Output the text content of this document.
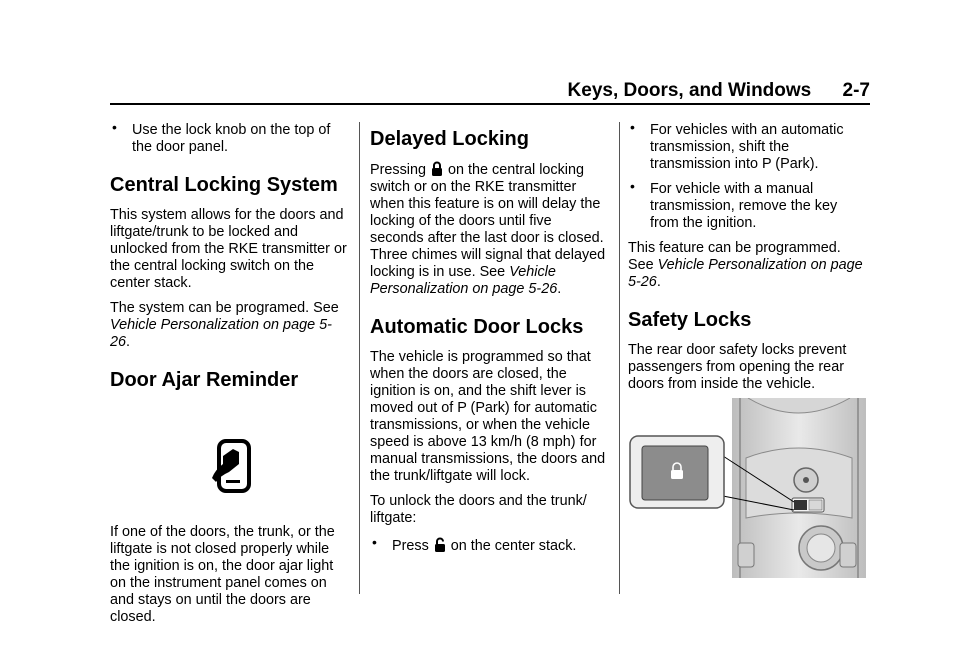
Keys, Doors, and Windows 2-7
• Use the lock knob on the top of the door panel.
Central Locking System

This system allows for the doors and liftgate/trunk to be locked and unlocked from the RKE transmitter or the central locking switch on the center stack.

The system can be programed. See Vehicle Personalization on page 5-26.

Door Ajar Reminder

If one of the doors, the trunk, or the liftgate is not closed properly while the ignition is on, the door ajar light on the instrument panel comes on and stays on until the doors are closed.

Delayed Locking

Pressing on the central locking switch or on the RKE transmitter when this feature is on will delay the locking of the doors until five seconds after the last door is closed. Three chimes will signal that delayed locking is in use. See Vehicle Personalization on page 5-26.

Automatic Door Locks

The vehicle is programmed so that when the doors are closed, the ignition is on, and the shift lever is moved out of P (Park) for automatic transmissions, or when the vehicle speed is above 13 km/h (8 mph) for manual transmissions, the doors and the trunk/liftgate will lock.

To unlock the doors and the trunk/ liftgate:

• Press on the center stack.
• For vehicles with an automatic transmission, shift the transmission into P (Park).
• For vehicle with a manual transmission, remove the key from the ignition.

This feature can be programmed. See Vehicle Personalization on page 5-26.

Safety Locks

The rear door safety locks prevent passengers from opening the rear doors from inside the vehicle.
